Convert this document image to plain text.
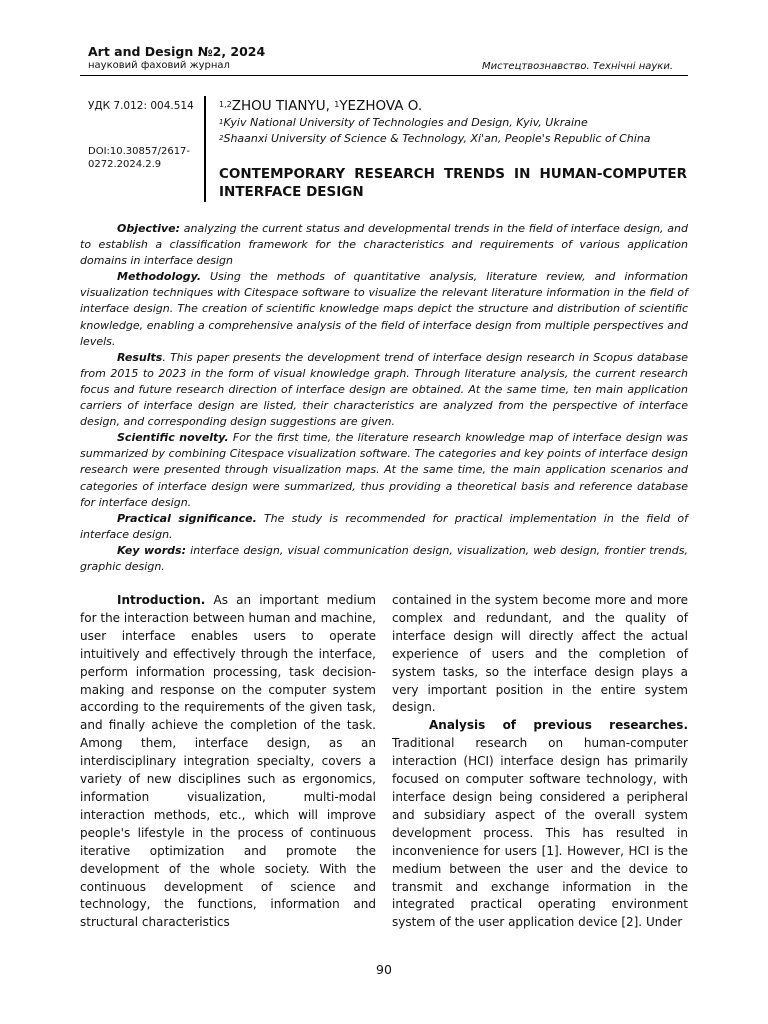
Art and Design №2, 2024
науковий фаховий журнал	Мистецтвознавство. Технічні науки.
УДК 7.012: 004.514
DOI:10.30857/2617-0272.2024.2.9
$^{1,2}$ZHOU TIANYU, $^1$YEZHOVA O.
$^1$Kyiv National University of Technologies and Design, Kyiv, Ukraine
$^2$Shaanxi University of Science & Technology, Xi'an, People's Republic of China
CONTEMPORARY RESEARCH TRENDS IN HUMAN-COMPUTER INTERFACE DESIGN

Objective: analyzing the current status and developmental trends in the field of interface design, and to establish a classification framework for the characteristics and requirements of various application domains in interface design

Methodology. Using the methods of quantitative analysis, literature review, and information visualization techniques with Citespace software to visualize the relevant literature information in the field of interface design. The creation of scientific knowledge maps depict the structure and distribution of scientific knowledge, enabling a comprehensive analysis of the field of interface design from multiple perspectives and levels.

Results. This paper presents the development trend of interface design research in Scopus database from 2015 to 2023 in the form of visual knowledge graph. Through literature analysis, the current research focus and future research direction of interface design are obtained. At the same time, ten main application carriers of interface design are listed, their characteristics are analyzed from the perspective of interface design, and corresponding design suggestions are given.

Scientific novelty. For the first time, the literature research knowledge map of interface design was summarized by combining Citespace visualization software. The categories and key points of interface design research were presented through visualization maps. At the same time, the main application scenarios and categories of interface design were summarized, thus providing a theoretical basis and reference database for interface design.

Practical significance. The study is recommended for practical implementation in the field of interface design.

Key words: interface design, visual communication design, visualization, web design, frontier trends, graphic design.

Introduction. As an important medium for the interaction between human and machine, user interface enables users to operate intuitively and effectively through the interface, perform information processing, task decision-making and response on the computer system according to the requirements of the given task, and finally achieve the completion of the task. Among them, interface design, as an interdisciplinary integration specialty, covers a variety of new disciplines such as ergonomics, information visualization, multi-modal interaction methods, etc., which will improve people's lifestyle in the process of continuous iterative optimization and promote the development of the whole society. With the continuous development of science and technology, the functions, information and structural characteristics

contained in the system become more and more complex and redundant, and the quality of interface design will directly affect the actual experience of users and the completion of system tasks, so the interface design plays a very important position in the entire system design.

Analysis of previous researches. Traditional research on human-computer interaction (HCI) interface design has primarily focused on computer software technology, with interface design being considered a peripheral and subsidiary aspect of the overall system development process. This has resulted in inconvenience for users [1]. However, HCI is the medium between the user and the device to transmit and exchange information in the integrated practical operating environment system of the user application device [2]. Under

90
